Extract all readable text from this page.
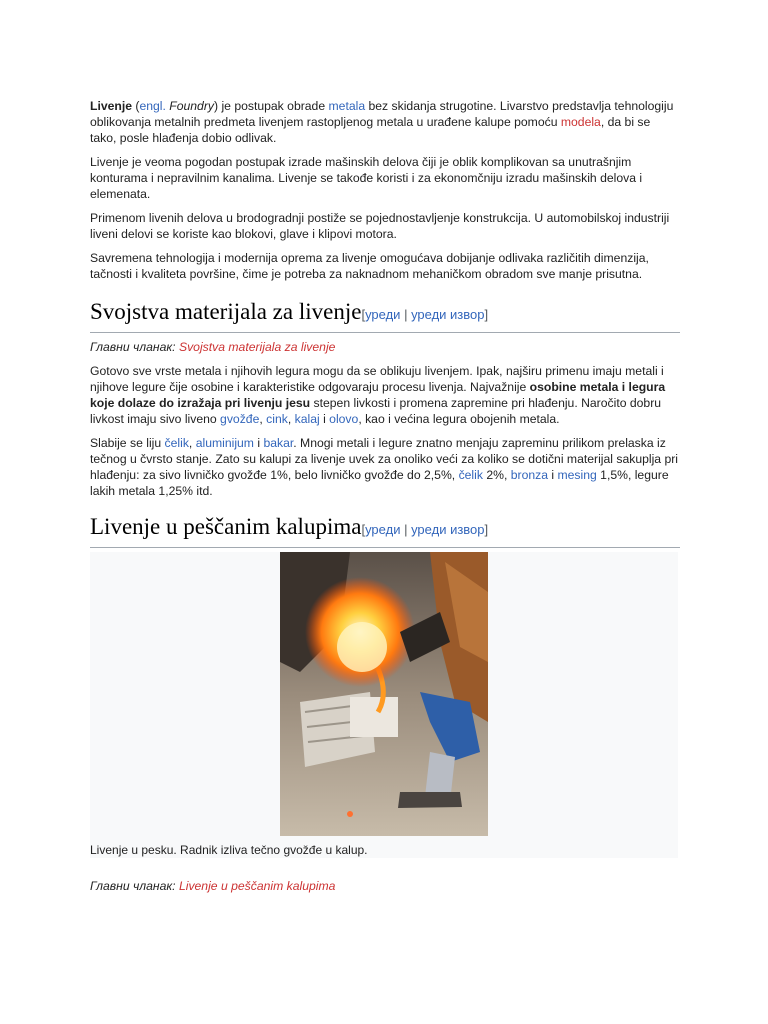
Livenje (engl. Foundry) je postupak obrade metala bez skidanja strugotine. Livarstvo predstavlja tehnologiju oblikovanja metalnih predmeta livenjem rastopljenog metala u urađene kalupe pomoću modela, da bi se tako, posle hlađenja dobio odlivak.

Livenje je veoma pogodan postupak izrade mašinskih delova čiji je oblik komplikovan sa unutrašnjim konturama i nepravilnim kanalima. Livenje se takođe koristi i za ekonomčniju izradu mašinskih delova i elemenata.

Primenom livenih delova u brodogradnji postiže se pojednostavljenje konstrukcija. U automobilskoj industriji liveni delovi se koriste kao blokovi, glave i klipovi motora.

Savremena tehnologija i modernija oprema za livenje omogućava dobijanje odlivaka različitih dimenzija, tačnosti i kvaliteta površine, čime je potreba za naknadnom mehaničkom obradom sve manje prisutna.

Svojstva materijala za livenje[уреди | уреди извор]
Главни чланак: Svojstva materijala za livenje

Gotovo sve vrste metala i njihovih legura mogu da se oblikuju livenjem. Ipak, najširu primenu imaju metali i njihove legure čije osobine i karakteristike odgovaraju procesu livenja. Najvažnije osobine metala i legura koje dolaze do izražaja pri livenju jesu stepen livkosti i promena zapremine pri hlađenju. Naročito dobru livkost imaju sivo liveno gvožđe, cink, kalaj i olovo, kao i većina legura obojenih metala.

Slabije se liju čelik, aluminijum i bakar. Mnogi metali i legure znatno menjaju zapreminu prilikom prelaska iz tečnog u čvrsto stanje. Zato su kalupi za livenje uvek za onoliko veći za koliko se dotični materijal sakuplja pri hlađenju: za sivo livničko gvožđe 1%, belo livničko gvožđe do 2,5%, čelik 2%, bronza i mesing 1,5%, legure lakih metala 1,25% itd.

Livenje u peščanim kalupima[уреди | уреди извор]
Livenje u pesku. Radnik izliva tečno gvožđe u kalup.
Главни чланак: Livenje u peščanim kalupima
